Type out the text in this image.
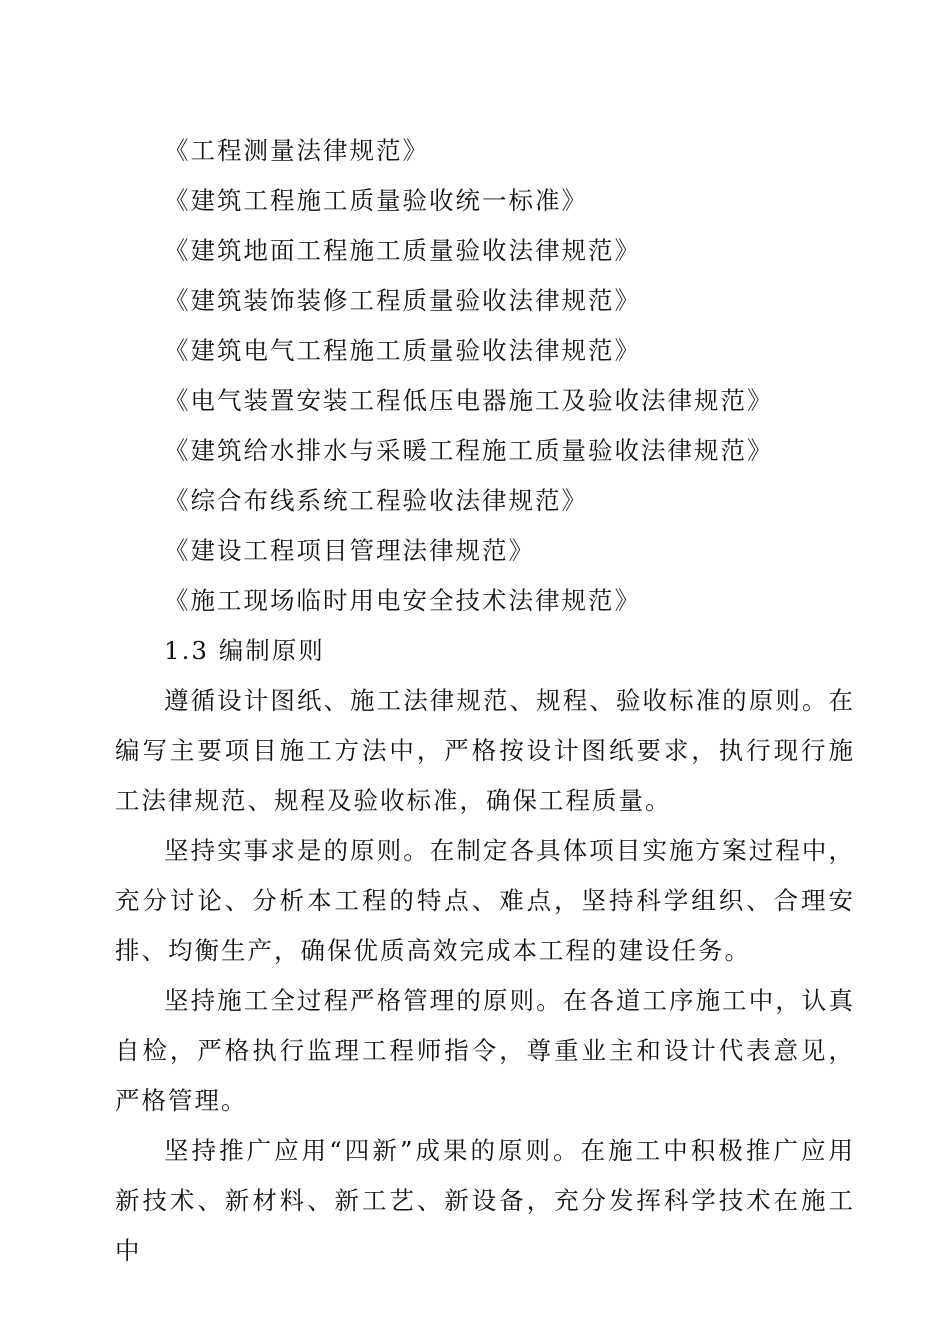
《工程测量法律规范》
《建筑工程施工质量验收统一标准》
《建筑地面工程施工质量验收法律规范》
《建筑装饰装修工程质量验收法律规范》
《建筑电气工程施工质量验收法律规范》
《电气装置安装工程低压电器施工及验收法律规范》
《建筑给水排水与采暖工程施工质量验收法律规范》
《综合布线系统工程验收法律规范》
《建设工程项目管理法律规范》
《施工现场临时用电安全技术法律规范》
1.3 编制原则

遵循设计图纸、施工法律规范、规程、验收标准的原则。在编写主要项目施工方法中，严格按设计图纸要求，执行现行施工法律规范、规程及验收标准，确保工程质量。

坚持实事求是的原则。在制定各具体项目实施方案过程中，充分讨论、分析本工程的特点、难点，坚持科学组织、合理安排、均衡生产，确保优质高效完成本工程的建设任务。

坚持施工全过程严格管理的原则。在各道工序施工中，认真自检，严格执行监理工程师指令，尊重业主和设计代表意见，严格管理。

坚持推广应用“四新”成果的原则。在施工中积极推广应用新技术、新材料、新工艺、新设备，充分发挥科学技术在施工中
